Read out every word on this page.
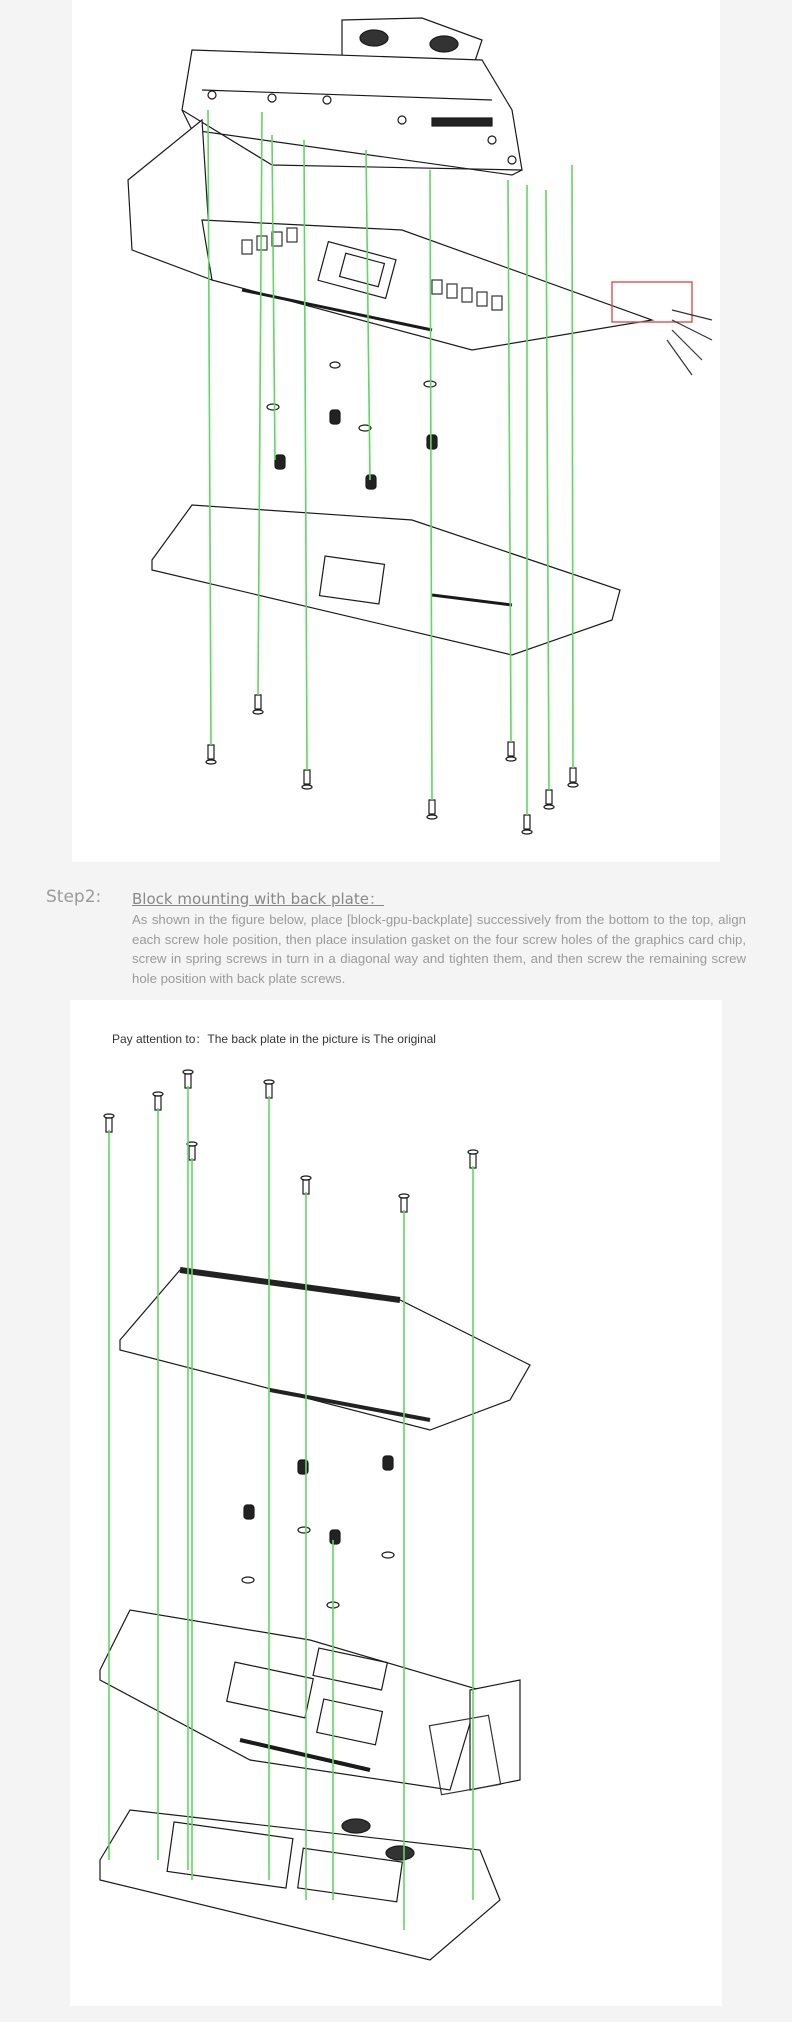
Step2: Block mounting with back plate：
As shown in the figure below, place [block-gpu-backplate] successively from the bottom to the top, align each screw hole position, then place insulation gasket on the four screw holes of the graphics card chip, screw in spring screws in turn in a diagonal way and tighten them, and then screw the remaining screw hole position with back plate screws.
Pay attention to：The back plate in the picture is The original
